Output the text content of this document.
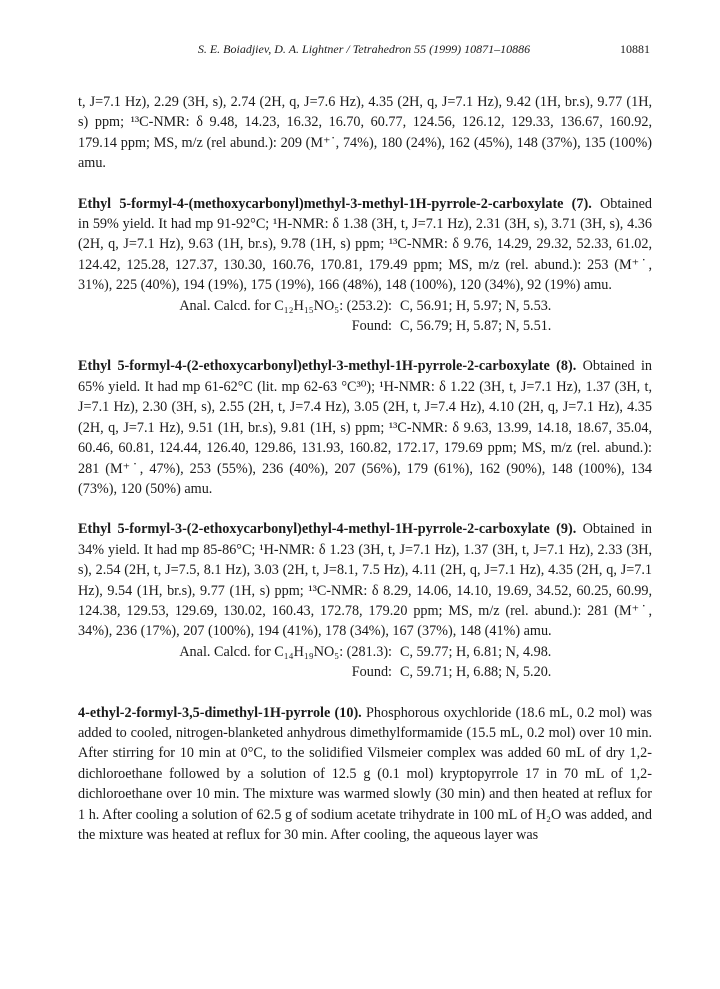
S. E. Boiadjiev, D. A. Lightner / Tetrahedron 55 (1999) 10871–10886	10881

t, J=7.1 Hz), 2.29 (3H, s), 2.74 (2H, q, J=7.6 Hz), 4.35 (2H, q, J=7.1 Hz), 9.42 (1H, br.s), 9.77 (1H, s) ppm; ¹³C-NMR: δ 9.48, 14.23, 16.32, 16.70, 60.77, 124.56, 126.12, 129.33, 136.67, 160.92, 179.14 ppm; MS, m/z (rel abund.): 209 (M⁺˙, 74%), 180 (24%), 162 (45%), 148 (37%), 135 (100%) amu.

Ethyl 5-formyl-4-(methoxycarbonyl)methyl-3-methyl-1H-pyrrole-2-carboxylate (7). Obtained in 59% yield. It had mp 91-92°C; ¹H-NMR: δ 1.38 (3H, t, J=7.1 Hz), 2.31 (3H, s), 3.71 (3H, s), 4.36 (2H, q, J=7.1 Hz), 9.63 (1H, br.s), 9.78 (1H, s) ppm; ¹³C-NMR: δ 9.76, 14.29, 29.32, 52.33, 61.02, 124.42, 125.28, 127.37, 130.30, 160.76, 170.81, 179.49 ppm; MS, m/z (rel. abund.): 253 (M⁺˙, 31%), 225 (40%), 194 (19%), 175 (19%), 166 (48%), 148 (100%), 120 (34%), 92 (19%) amu.

Anal. Calcd. for C₁₂H₁₅NO₅: (253.2): C, 56.91; H, 5.97; N, 5.53.
Found: C, 56.79; H, 5.87; N, 5.51.

Ethyl 5-formyl-4-(2-ethoxycarbonyl)ethyl-3-methyl-1H-pyrrole-2-carboxylate (8). Obtained in 65% yield. It had mp 61-62°C (lit. mp 62-63 °C³⁰); ¹H-NMR: δ 1.22 (3H, t, J=7.1 Hz), 1.37 (3H, t, J=7.1 Hz), 2.30 (3H, s), 2.55 (2H, t, J=7.4 Hz), 3.05 (2H, t, J=7.4 Hz), 4.10 (2H, q, J=7.1 Hz), 4.35 (2H, q, J=7.1 Hz), 9.51 (1H, br.s), 9.81 (1H, s) ppm; ¹³C-NMR: δ 9.63, 13.99, 14.18, 18.67, 35.04, 60.46, 60.81, 124.44, 126.40, 129.86, 131.93, 160.82, 172.17, 179.69 ppm; MS, m/z (rel. abund.): 281 (M⁺˙, 47%), 253 (55%), 236 (40%), 207 (56%), 179 (61%), 162 (90%), 148 (100%), 134 (73%), 120 (50%) amu.

Ethyl 5-formyl-3-(2-ethoxycarbonyl)ethyl-4-methyl-1H-pyrrole-2-carboxylate (9). Obtained in 34% yield. It had mp 85-86°C; ¹H-NMR: δ 1.23 (3H, t, J=7.1 Hz), 1.37 (3H, t, J=7.1 Hz), 2.33 (3H, s), 2.54 (2H, t, J=7.5, 8.1 Hz), 3.03 (2H, t, J=8.1, 7.5 Hz), 4.11 (2H, q, J=7.1 Hz), 4.35 (2H, q, J=7.1 Hz), 9.54 (1H, br.s), 9.77 (1H, s) ppm; ¹³C-NMR: δ 8.29, 14.06, 14.10, 19.69, 34.52, 60.25, 60.99, 124.38, 129.53, 129.69, 130.02, 160.43, 172.78, 179.20 ppm; MS, m/z (rel. abund.): 281 (M⁺˙, 34%), 236 (17%), 207 (100%), 194 (41%), 178 (34%), 167 (37%), 148 (41%) amu.

Anal. Calcd. for C₁₄H₁₉NO₅: (281.3): C, 59.77; H, 6.81; N, 4.98.
Found: C, 59.71; H, 6.88; N, 5.20.

4-ethyl-2-formyl-3,5-dimethyl-1H-pyrrole (10). Phosphorous oxychloride (18.6 mL, 0.2 mol) was added to cooled, nitrogen-blanketed anhydrous dimethylformamide (15.5 mL, 0.2 mol) over 10 min. After stirring for 10 min at 0°C, to the solidified Vilsmeier complex was added 60 mL of dry 1,2-dichloroethane followed by a solution of 12.5 g (0.1 mol) kryptopyrrole 17 in 70 mL of 1,2-dichloroethane over 10 min. The mixture was warmed slowly (30 min) and then heated at reflux for 1 h. After cooling a solution of 62.5 g of sodium acetate trihydrate in 100 mL of H₂O was added, and the mixture was heated at reflux for 30 min. After cooling, the aqueous layer was
